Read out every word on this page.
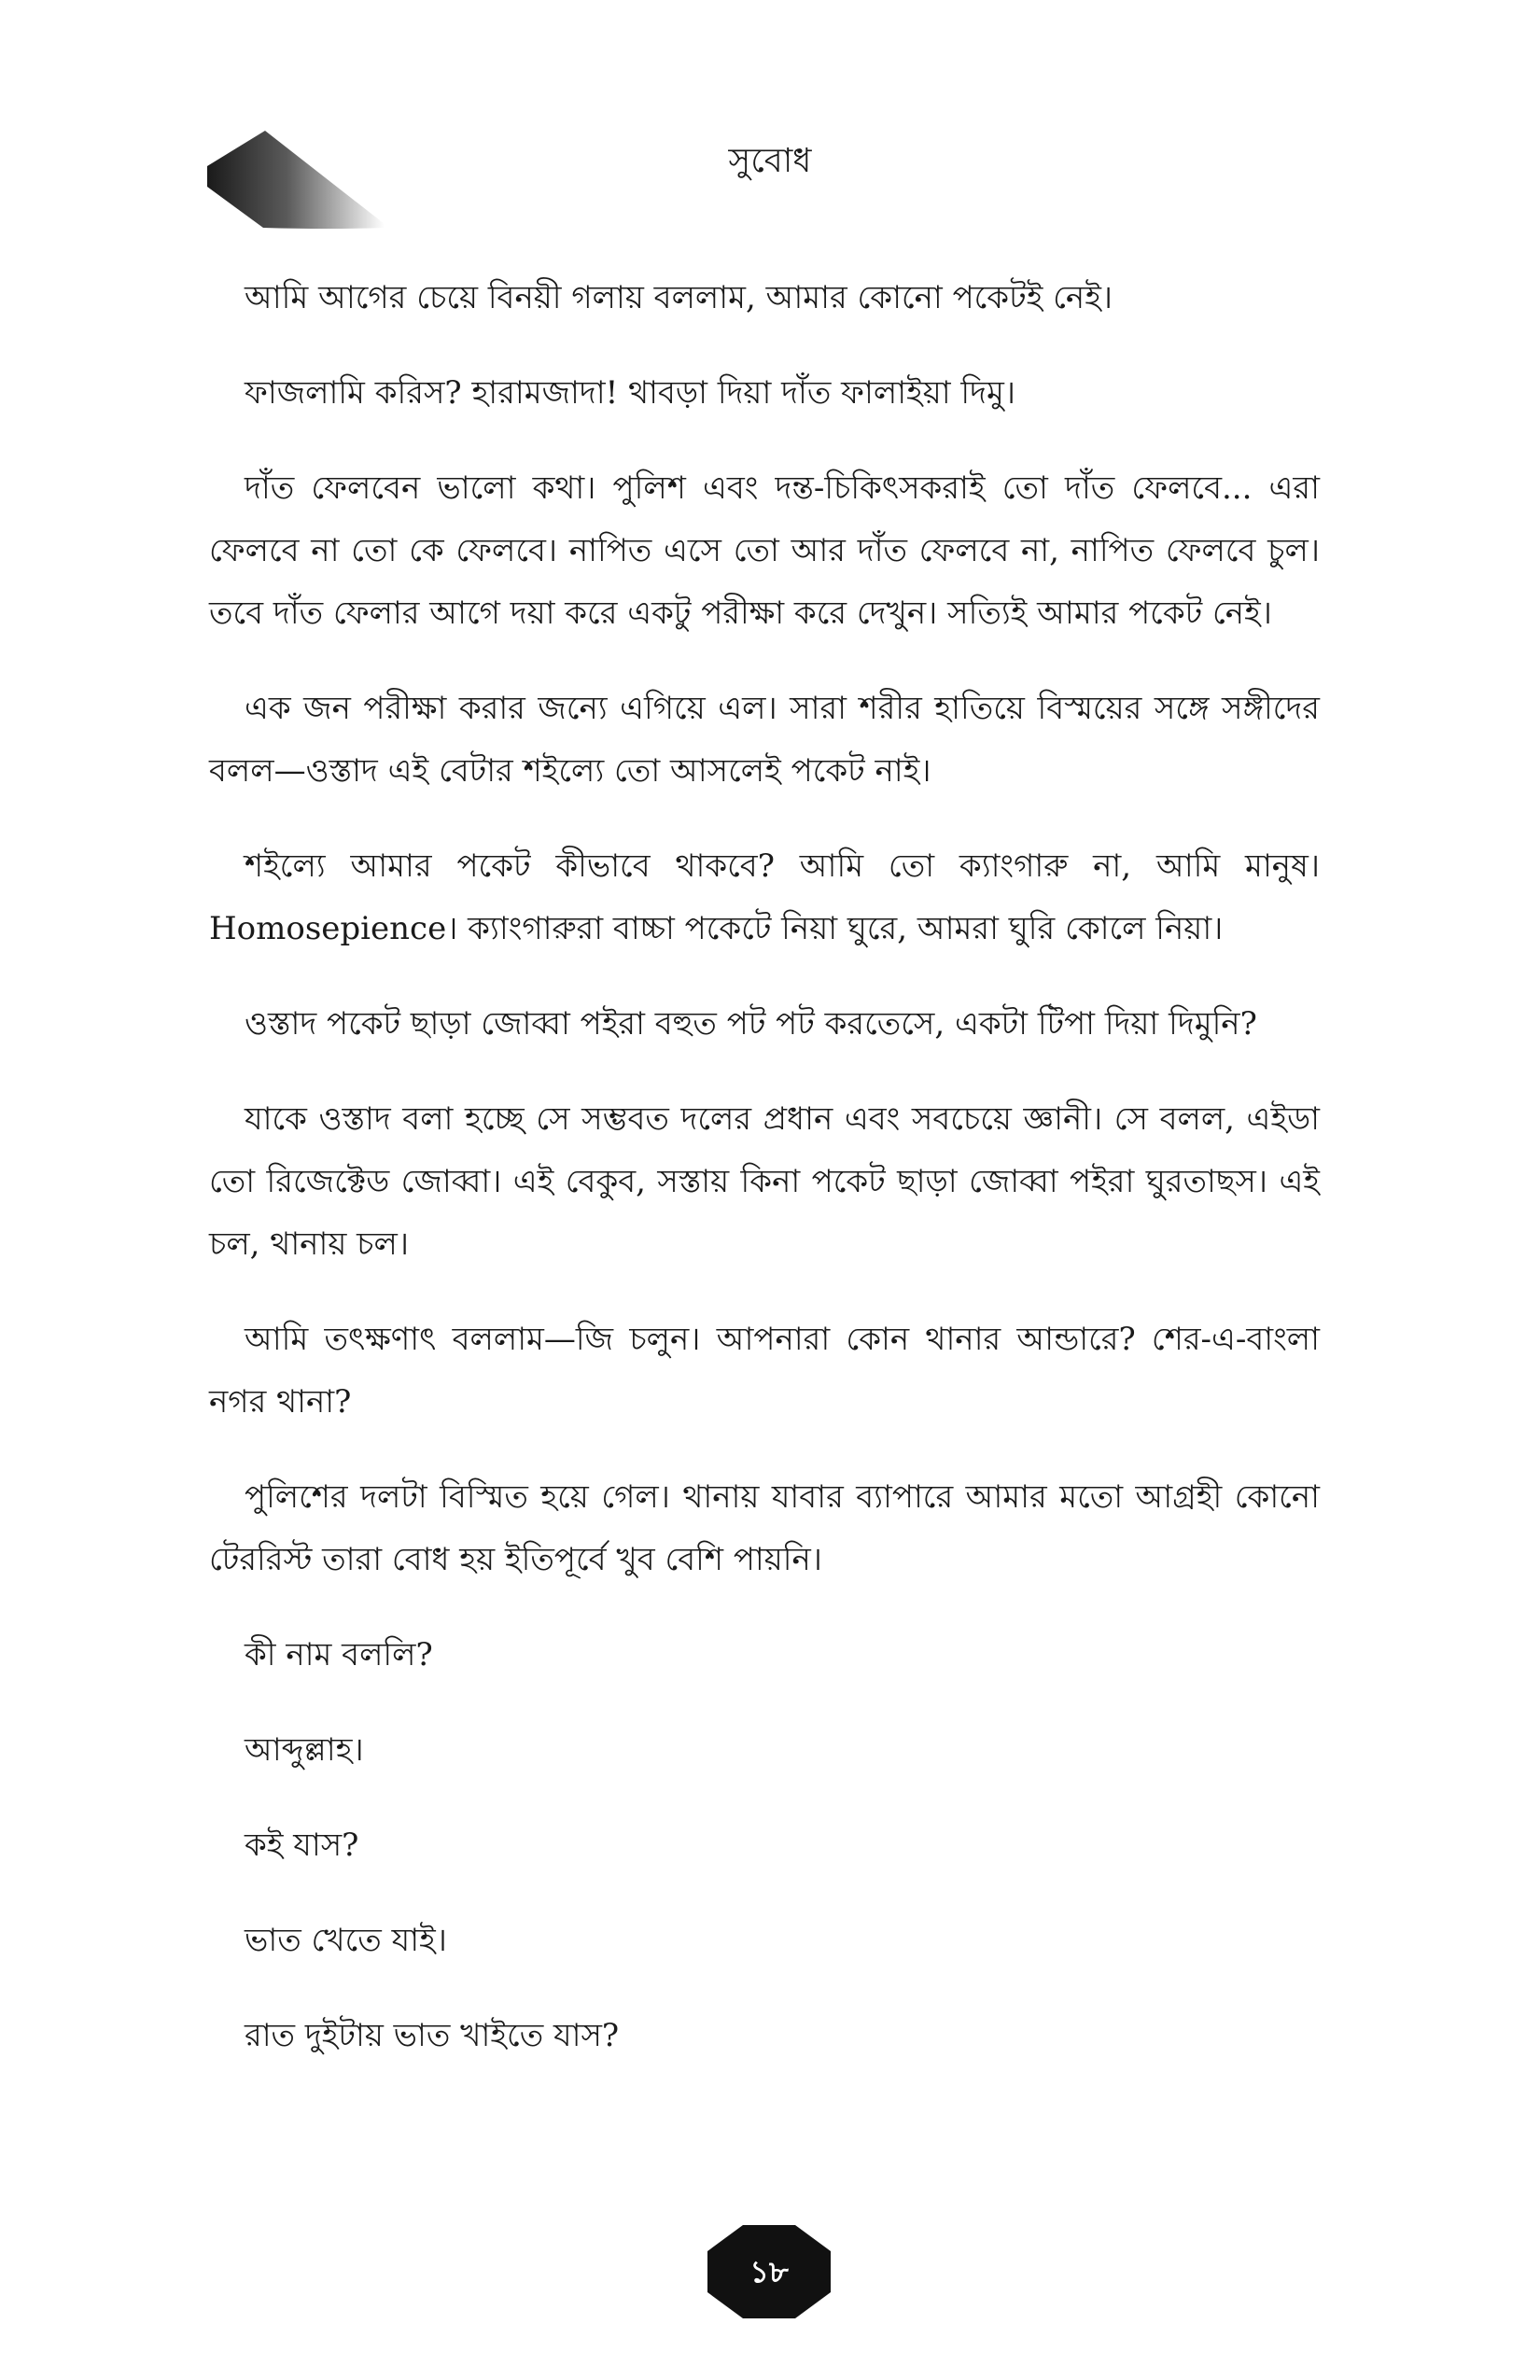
সুবোধ

আমি আগের চেয়ে বিনয়ী গলায় বললাম, আমার কোনো পকেটই নেই।

ফাজলামি করিস? হারামজাদা! থাবড়া দিয়া দাঁত ফালাইয়া দিমু।

দাঁত ফেলবেন ভালো কথা। পুলিশ এবং দন্ত-চিকিৎসকরাই তো দাঁত ফেলবে... এরা ফেলবে না তো কে ফেলবে। নাপিত এসে তো আর দাঁত ফেলবে না, নাপিত ফেলবে চুল। তবে দাঁত ফেলার আগে দয়া করে একটু পরীক্ষা করে দেখুন। সত্যিই আমার পকেট নেই।

এক জন পরীক্ষা করার জন্যে এগিয়ে এল। সারা শরীর হাতিয়ে বিস্ময়ের সঙ্গে সঙ্গীদের বলল—ওস্তাদ এই বেটার শইল্যে তো আসলেই পকেট নাই।

শইল্যে আমার পকেট কীভাবে থাকবে? আমি তো ক্যাংগারু না, আমি মানুষ। Homosepience। ক্যাংগারুরা বাচ্চা পকেটে নিয়া ঘুরে, আমরা ঘুরি কোলে নিয়া।

ওস্তাদ পকেট ছাড়া জোব্বা পইরা বহুত পট পট করতেসে, একটা টিপা দিয়া দিমুনি?

যাকে ওস্তাদ বলা হচ্ছে সে সম্ভবত দলের প্রধান এবং সবচেয়ে জ্ঞানী। সে বলল, এইডা তো রিজেক্টেড জোব্বা। এই বেকুব, সস্তায় কিনা পকেট ছাড়া জোব্বা পইরা ঘুরতাছস। এই চল, থানায় চল।

আমি তৎক্ষণাৎ বললাম—জি চলুন। আপনারা কোন থানার আন্ডারে? শের-এ-বাংলা নগর থানা?

পুলিশের দলটা বিস্মিত হয়ে গেল। থানায় যাবার ব্যাপারে আমার মতো আগ্রহী কোনো টেররিস্ট তারা বোধ হয় ইতিপূর্বে খুব বেশি পায়নি।

কী নাম বললি?

আব্দুল্লাহ।

কই যাস?

ভাত খেতে যাই।

রাত দুইটায় ভাত খাইতে যাস?

১৮
